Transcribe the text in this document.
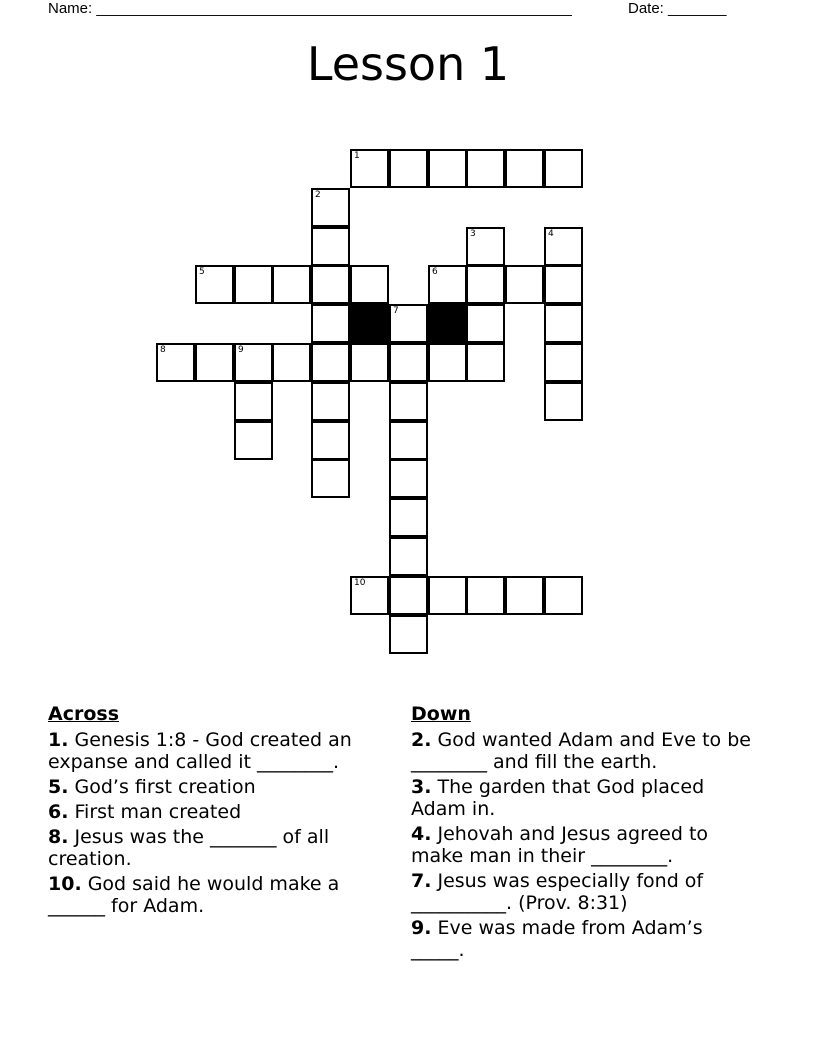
Name: _________________________________________________________	Date: _______
Lesson 1
1
2
3	4
5	6
7
8	9
10
Across
1. Genesis 1:8 - God created an expanse and called it ________.
5. God’s first creation
6. First man created
8. Jesus was the _______ of all creation.
10. God said he would make a ______ for Adam.
Down
2. God wanted Adam and Eve to be ________ and fill the earth.
3. The garden that God placed Adam in.
4. Jehovah and Jesus agreed to make man in their ________.
7. Jesus was especially fond of __________. (Prov. 8:31)
9. Eve was made from Adam’s _____.
